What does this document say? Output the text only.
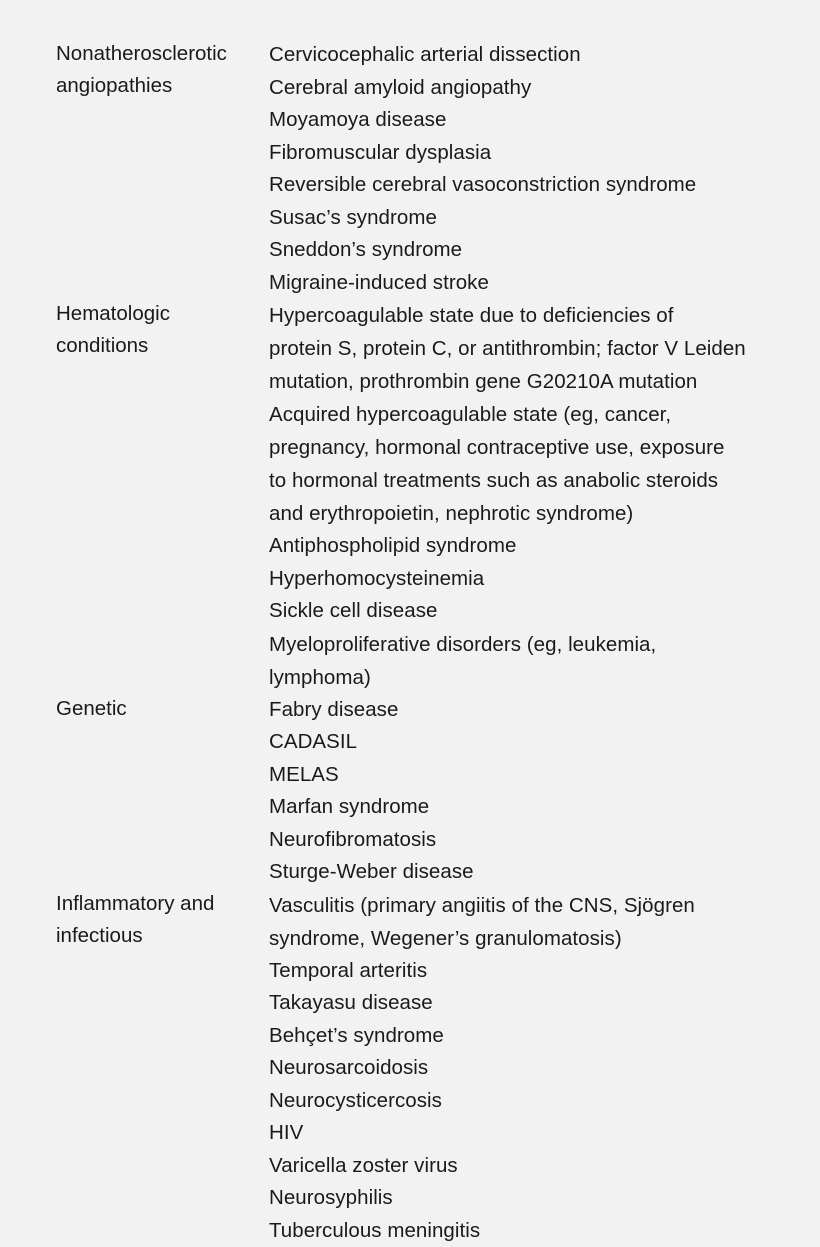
Nonatherosclerotic
angiopathies
Cervicocephalic arterial dissection
Cerebral amyloid angiopathy
Moyamoya disease
Fibromuscular dysplasia
Reversible cerebral vasoconstriction syndrome
Susac’s syndrome
Sneddon’s syndrome
Migraine-induced stroke
Hematologic
conditions
Hypercoagulable state due to deficiencies of
protein S, protein C, or antithrombin; factor V Leiden
mutation, prothrombin gene G20210A mutation
Acquired hypercoagulable state (eg, cancer,
pregnancy, hormonal contraceptive use, exposure
to hormonal treatments such as anabolic steroids
and erythropoietin, nephrotic syndrome)
Antiphospholipid syndrome
Hyperhomocysteinemia
Sickle cell disease
Myeloproliferative disorders (eg, leukemia,
lymphoma)
Genetic	Fabry disease
CADASIL
MELAS
Marfan syndrome
Neurofibromatosis
Sturge-Weber disease
Inflammatory and
infectious
Vasculitis (primary angiitis of the CNS, Sjögren
syndrome, Wegener’s granulomatosis)
Temporal arteritis
Takayasu disease
Behçet’s syndrome
Neurosarcoidosis
Neurocysticercosis
HIV
Varicella zoster virus
Neurosyphilis
Tuberculous meningitis
